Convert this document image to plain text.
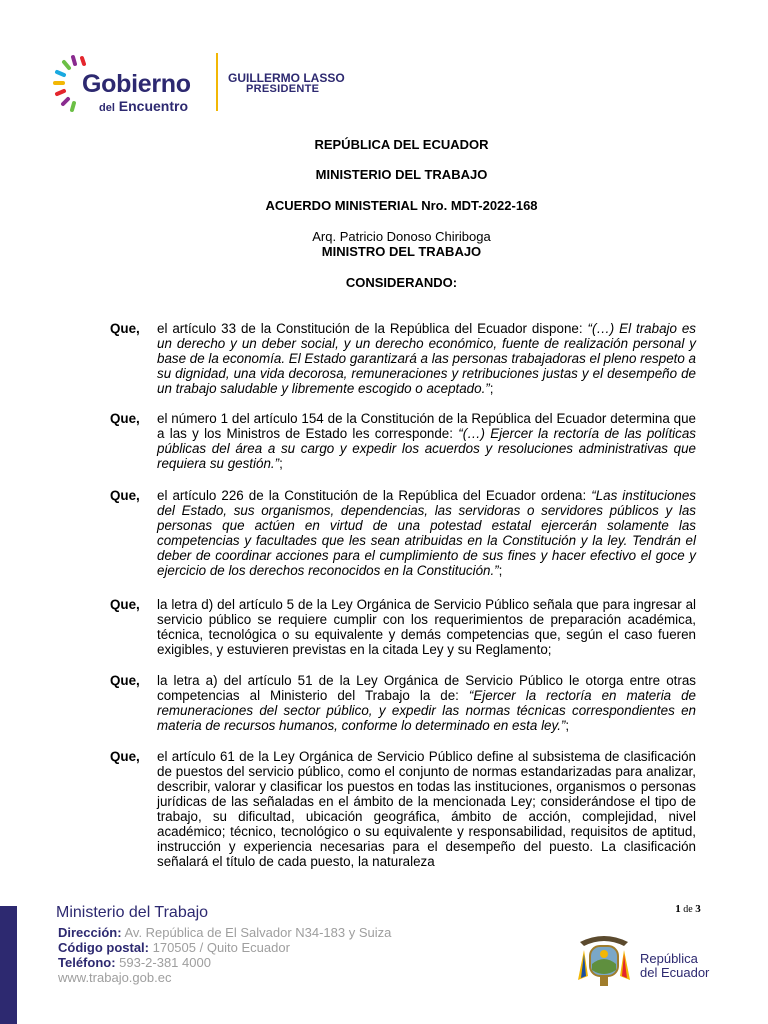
Gobierno
del Encuentro
GUILLERMO LASSO
PRESIDENTE
REPÚBLICA DEL ECUADOR
MINISTERIO DEL TRABAJO
ACUERDO MINISTERIAL Nro. MDT-2022-168
Arq. Patricio Donoso Chiriboga
MINISTRO DEL TRABAJO
CONSIDERANDO:
Que, el artículo 33 de la Constitución de la República del Ecuador dispone: “(…) El trabajo es un derecho y un deber social, y un derecho económico, fuente de realización personal y base de la economía. El Estado garantizará a las personas trabajadoras el pleno respeto a su dignidad, una vida decorosa, remuneraciones y retribuciones justas y el desempeño de un trabajo saludable y libremente escogido o aceptado.”;
Que, el número 1 del artículo 154 de la Constitución de la República del Ecuador determina que a las y los Ministros de Estado les corresponde: “(…) Ejercer la rectoría de las políticas públicas del área a su cargo y expedir los acuerdos y resoluciones administrativas que requiera su gestión.”;
Que, el artículo 226 de la Constitución de la República del Ecuador ordena: “Las instituciones del Estado, sus organismos, dependencias, las servidoras o servidores públicos y las personas que actúen en virtud de una potestad estatal ejercerán solamente las competencias y facultades que les sean atribuidas en la Constitución y la ley. Tendrán el deber de coordinar acciones para el cumplimiento de sus fines y hacer efectivo el goce y ejercicio de los derechos reconocidos en la Constitución.”;
Que, la letra d) del artículo 5 de la Ley Orgánica de Servicio Público señala que para ingresar al servicio público se requiere cumplir con los requerimientos de preparación académica, técnica, tecnológica o su equivalente y demás competencias que, según el caso fueren exigibles, y estuvieren previstas en la citada Ley y su Reglamento;
Que, la letra a) del artículo 51 de la Ley Orgánica de Servicio Público le otorga entre otras competencias al Ministerio del Trabajo la de: “Ejercer la rectoría en materia de remuneraciones del sector público, y expedir las normas técnicas correspondientes en materia de recursos humanos, conforme lo determinado en esta ley.”;
Que, el artículo 61 de la Ley Orgánica de Servicio Público define al subsistema de clasificación de puestos del servicio público, como el conjunto de normas estandarizadas para analizar, describir, valorar y clasificar los puestos en todas las instituciones, organismos o personas jurídicas de las señaladas en el ámbito de la mencionada Ley; considerándose el tipo de trabajo, su dificultad, ubicación geográfica, ámbito de acción, complejidad, nivel académico; técnico, tecnológico o su equivalente y responsabilidad, requisitos de aptitud, instrucción y experiencia necesarias para el desempeño del puesto. La clasificación señalará el título de cada puesto, la naturaleza
Ministerio del Trabajo
Dirección: Av. República de El Salvador N34-183 y Suiza
Código postal: 170505 / Quito Ecuador
Teléfono: 593-2-381 4000
www.trabajo.gob.ec
1 de 3
República
del Ecuador
